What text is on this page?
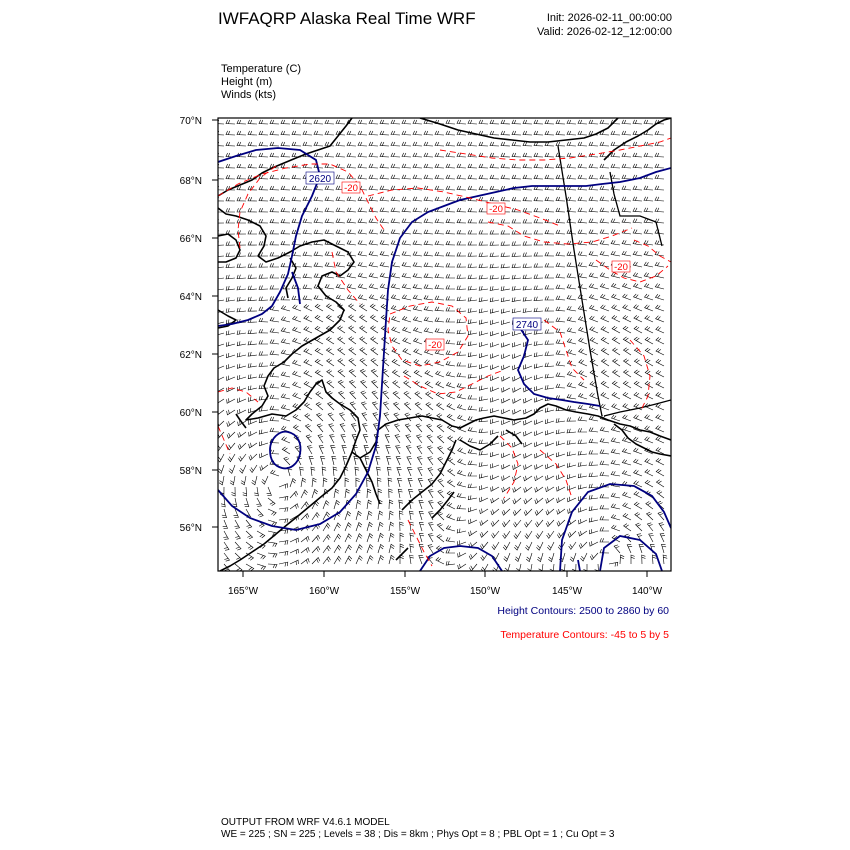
IWFAQRP Alaska Real Time WRF	Init: 2026-02-11_00:00:00
Valid: 2026-02-12_12:00:00
Temperature (C)
Height (m)
Winds (kts)
2620
2740
-20
-20
-20
-20
70°N
68°N
66°N
64°N
62°N
60°N
58°N
56°N
165°W	160°W	155°W	150°W	145°W	140°W
Height Contours: 2500 to 2860 by 60
Temperature Contours: -45 to 5 by 5
OUTPUT FROM WRF V4.6.1 MODEL
WE = 225 ; SN = 225 ; Levels = 38 ; Dis = 8km ; Phys Opt = 8 ; PBL Opt = 1 ; Cu Opt = 3
